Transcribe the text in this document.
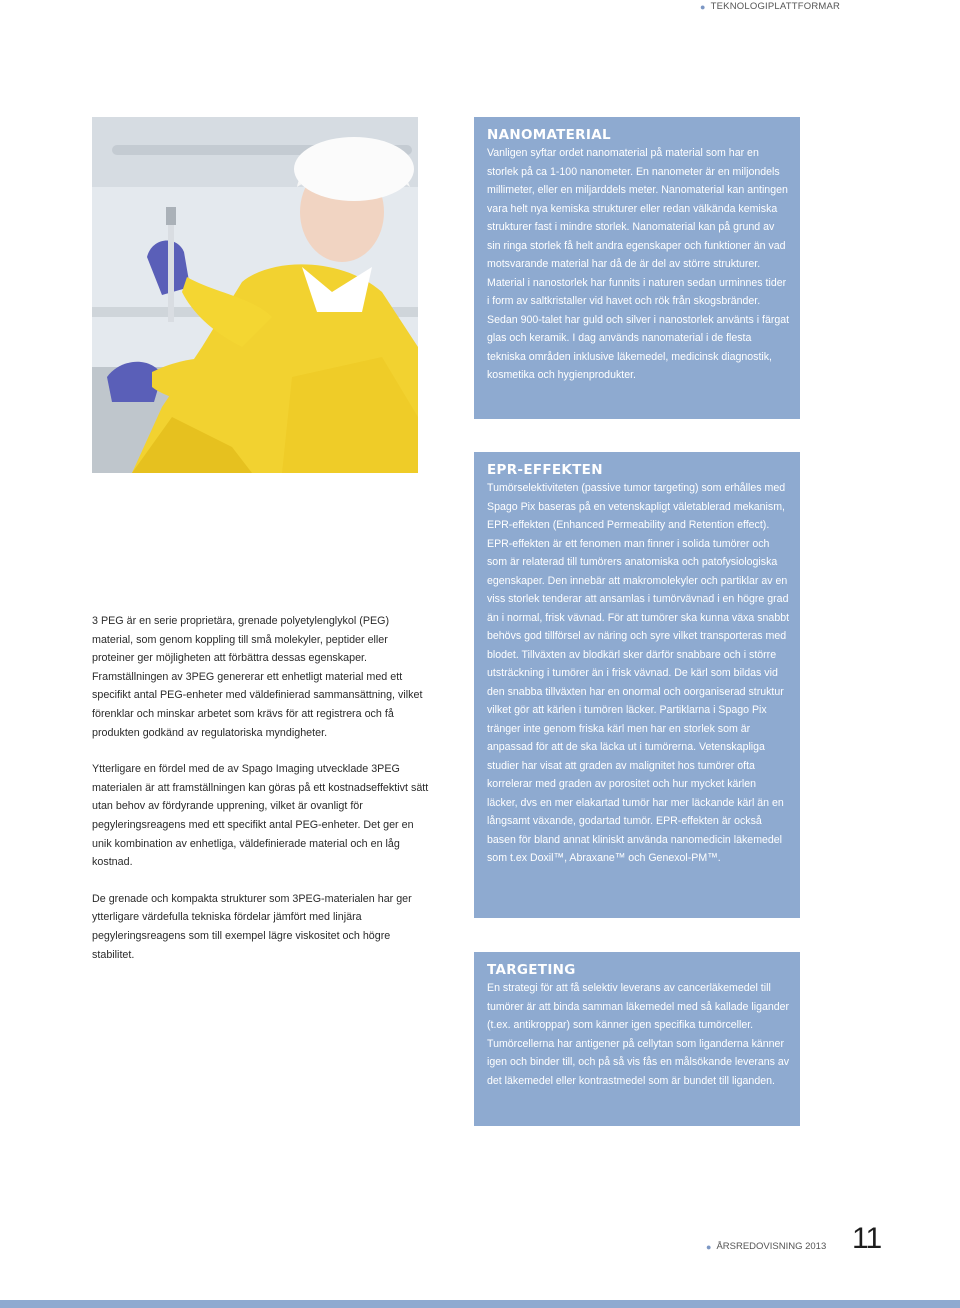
● TEKNOLOGIPLATTFORMAR
NANOMATERIAL

Vanligen syftar ordet nanomaterial på material som har en storlek på ca 1-100 nanometer. En nanometer är en miljondels millimeter, eller en miljarddels meter. Nanomaterial kan antingen vara helt nya kemiska strukturer eller redan välkända kemiska strukturer fast i mindre storlek. Nanomaterial kan på grund av sin ringa storlek få helt andra egenskaper och funktioner än vad motsvarande material har då de är del av större strukturer. Material i nanostorlek har funnits i naturen sedan urminnes tider i form av saltkristaller vid havet och rök från skogsbränder. Sedan 900-talet har guld och silver i nanostorlek använts i färgat glas och keramik. I dag används nanomaterial i de flesta tekniska områden inklusive läkemedel, medicinsk diagnostik, kosmetika och hygienprodukter.

EPR-EFFEKTEN

Tumörselektiviteten (passive tumor targeting) som erhålles med Spago Pix baseras på en vetenskapligt väletablerad mekanism, EPR-effekten (Enhanced Permeability and Retention effect). EPR-effekten är ett fenomen man finner i solida tumörer och som är relaterad till tumörers anatomiska och patofysiologiska egenskaper. Den innebär att makromolekyler och partiklar av en viss storlek tenderar att ansamlas i tumörvävnad i en högre grad än i normal, frisk vävnad. För att tumörer ska kunna växa snabbt behövs god tillförsel av näring och syre vilket transporteras med blodet. Tillväxten av blodkärl sker därför snabbare och i större utsträckning i tumörer än i frisk vävnad. De kärl som bildas vid den snabba tillväxten har en onormal och oorganiserad struktur vilket gör att kärlen i tumören läcker. Partiklarna i Spago Pix tränger inte genom friska kärl men har en storlek som är anpassad för att de ska läcka ut i tumörerna. Vetenskapliga studier har visat att graden av malignitet hos tumörer ofta korrelerar med graden av porositet och hur mycket kärlen läcker, dvs en mer elakartad tumör har mer läckande kärl än en långsamt växande, godartad tumör. EPR-effekten är också basen för bland annat kliniskt använda nanomedicin läkemedel som t.ex Doxil™, Abraxane™ och Genexol-PM™.

TARGETING

En strategi för att få selektiv leverans av cancerläkemedel till tumörer är att binda samman läkemedel med så kallade ligander (t.ex. antikroppar) som känner igen specifika tumörceller. Tumörcellerna har antigener på cellytan som liganderna känner igen och binder till, och på så vis fås en målsökande leverans av det läkemedel eller kontrastmedel som är bundet till liganden.

3 PEG är en serie proprietära, grenade polyetylenglykol (PEG) material, som genom koppling till små molekyler, peptider eller proteiner ger möjligheten att förbättra dessas egenskaper. Framställningen av 3PEG genererar ett enhetligt material med ett specifikt antal PEG-enheter med väldefinierad sammansättning, vilket förenklar och minskar arbetet som krävs för att registrera och få produkten godkänd av regulatoriska myndigheter.

Ytterligare en fördel med de av Spago Imaging utvecklade 3PEG materialen är att framställningen kan göras på ett kostnadseffektivt sätt utan behov av fördyrande upprening, vilket är ovanligt för pegyleringsreagens med ett specifikt antal PEG-enheter. Det ger en unik kombination av enhetliga, väldefinierade material och en låg kostnad.

De grenade och kompakta strukturer som 3PEG-materialen har ger ytterligare värdefulla tekniska fördelar jämfört med linjära pegyleringsreagens som till exempel lägre viskositet och högre stabilitet.

● ÅRSREDOVISNING 2013 11
